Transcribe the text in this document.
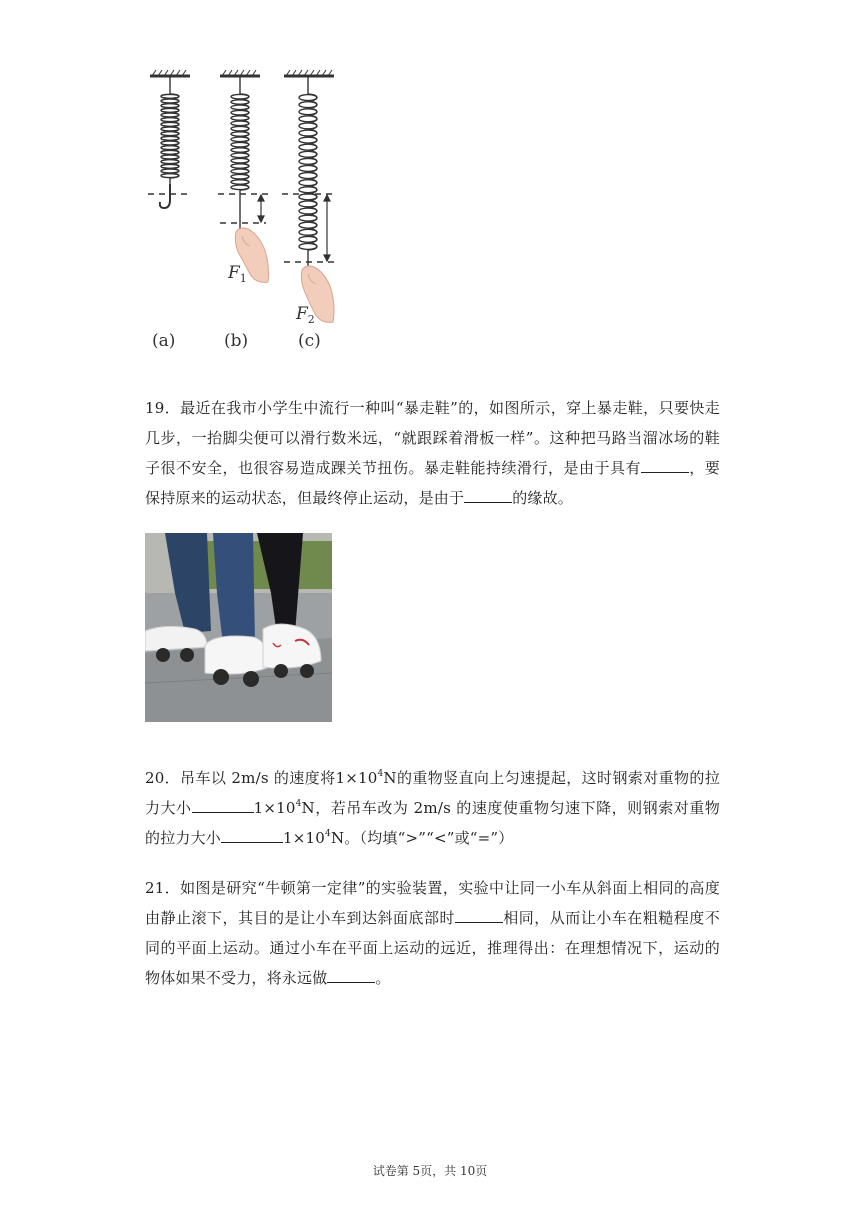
$F_1$
$F_2$
(a)	(b)	(c)

19．最近在我市小学生中流行一种叫“暴走鞋”的，如图所示，穿上暴走鞋，只要快走几步，一抬脚尖便可以滑行数米远，“就跟踩着滑板一样”。这种把马路当溜冰场的鞋子很不安全，也很容易造成踝关节扭伤。暴走鞋能持续滑行，是由于具有	，要保持原来的运动状态，但最终停止运动，是由于	的缘故。

20．吊车以 2m/s 的速度将$1\times 10^4N$的重物竖直向上匀速提起，这时钢索对重物的拉力大小	$1\times 10^4N$，若吊车改为 2m/s 的速度使重物匀速下降，则钢索对重物的拉力大小	$1\times 10^4N$。（均填“>”“<”或“=”）

21．如图是研究“牛顿第一定律”的实验装置，实验中让同一小车从斜面上相同的高度由静止滚下，其目的是让小车到达斜面底部时	相同，从而让小车在粗糙程度不同的平面上运动。通过小车在平面上运动的远近，推理得出：在理想情况下，运动的物体如果不受力，将永远做	。

试卷第 5页，共 10页
